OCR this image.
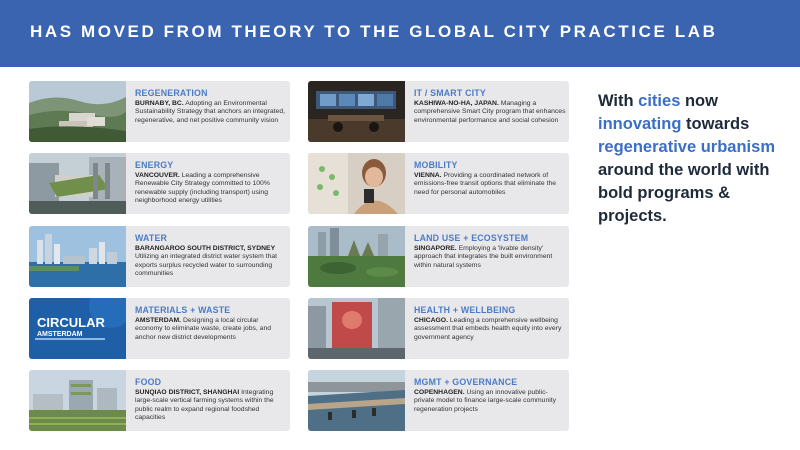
HAS MOVED FROM THEORY TO THE GLOBAL CITY PRACTICE LAB
REGENERATION
BURNABY, BC. Adopting an Environmental Sustainability Strategy that anchors an integrated, regenerative, and net positive community vision
ENERGY
VANCOUVER. Leading a comprehensive Renewable City Strategy committed to 100% renewable supply (including transport) using neighborhood energy utilities
WATER
BARANGAROO SOUTH DISTRICT, SYDNEY Utilizing an integrated district water system that exports surplus recycled water to surrounding communities
CIRCULAR
AMSTERDAM
MATERIALS + WASTE
AMSTERDAM. Designing a local circular economy to eliminate waste, create jobs, and anchor new district developments
FOOD
SUNQIAO DISTRICT, SHANGHAI Integrating large-scale vertical farming systems within the public realm to expand regional foodshed capacities
IT / SMART CITY
KASHIWA-NO-HA, JAPAN. Managing a comprehensive Smart City program that enhances environmental performance and social cohesion
MOBILITY
VIENNA. Providing a coordinated network of emissions-free transit options that eliminate the need for personal automobiles
LAND USE + ECOSYSTEM
SINGAPORE. Employing a 'livable density' approach that integrates the built environment within natural systems
HEALTH + WELLBEING
CHICAGO. Leading a comprehensive wellbeing assessment that embeds health equity into every government agency
MGMT + GOVERNANCE
COPENHAGEN. Using an innovative public-private model to finance large-scale community regeneration projects
With cities now innovating towards regenerative urbanism around the world with bold programs & projects.
